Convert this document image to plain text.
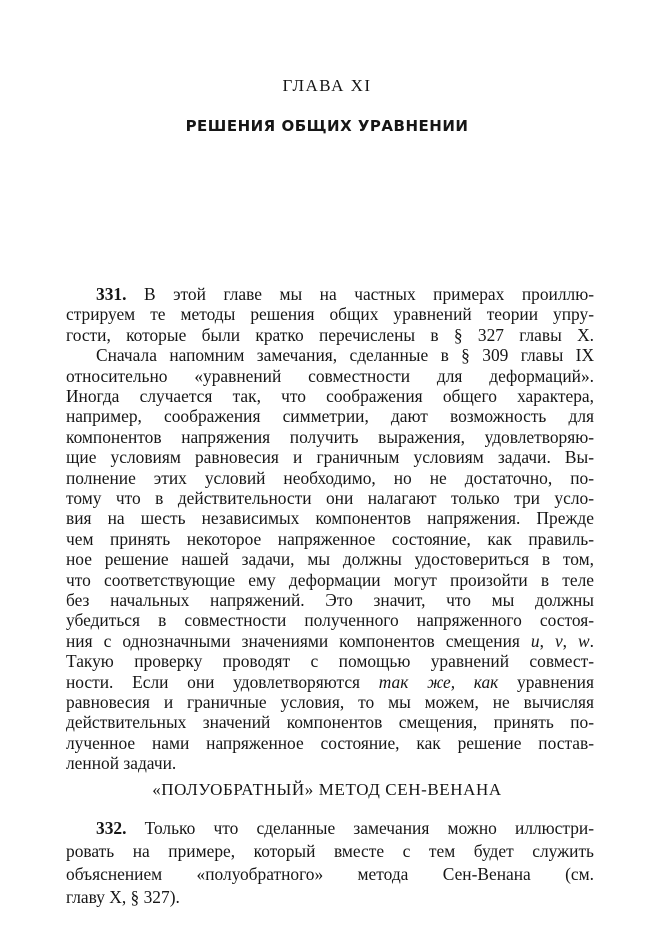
ГЛАВА XI
РЕШЕНИЯ ОБЩИХ УРАВНЕНИИ
331. В этой главе мы на частных примерах проиллю-
стрируем те методы решения общих уравнений теории упру-
гости, которые были кратко перечислены в § 327 главы X.
Сначала напомним замечания, сделанные в § 309 главы IX
относительно «уравнений совместности для деформаций».
Иногда случается так, что соображения общего характера,
например, соображения симметрии, дают возможность для
компонентов напряжения получить выражения, удовлетворяю-
щие условиям равновесия и граничным условиям задачи. Вы-
полнение этих условий необходимо, но не достаточно, по-
тому что в действительности они налагают только три усло-
вия на шесть независимых компонентов напряжения. Прежде
чем принять некоторое напряженное состояние, как правиль-
ное решение нашей задачи, мы должны удостовериться в том,
что соответствующие ему деформации могут произойти в теле
без начальных напряжений. Это значит, что мы должны
убедиться в совместности полученного напряженного состоя-
ния с однозначными значениями компонентов смещения u, v, w.
Такую проверку проводят с помощью уравнений совмест-
ности. Если они удовлетворяются так же, как уравнения
равновесия и граничные условия, то мы можем, не вычисляя
действительных значений компонентов смещения, принять по-
лученное нами напряженное состояние, как решение постав-
ленной задачи.
«ПОЛУОБРАТНЫЙ» МЕТОД СЕН-ВЕНАНА
332. Только что сделанные замечания можно иллюстри-
ровать на примере, который вместе с тем будет служить
объяснением «полуобратного» метода Сен-Венана (см.
главу X, § 327).
